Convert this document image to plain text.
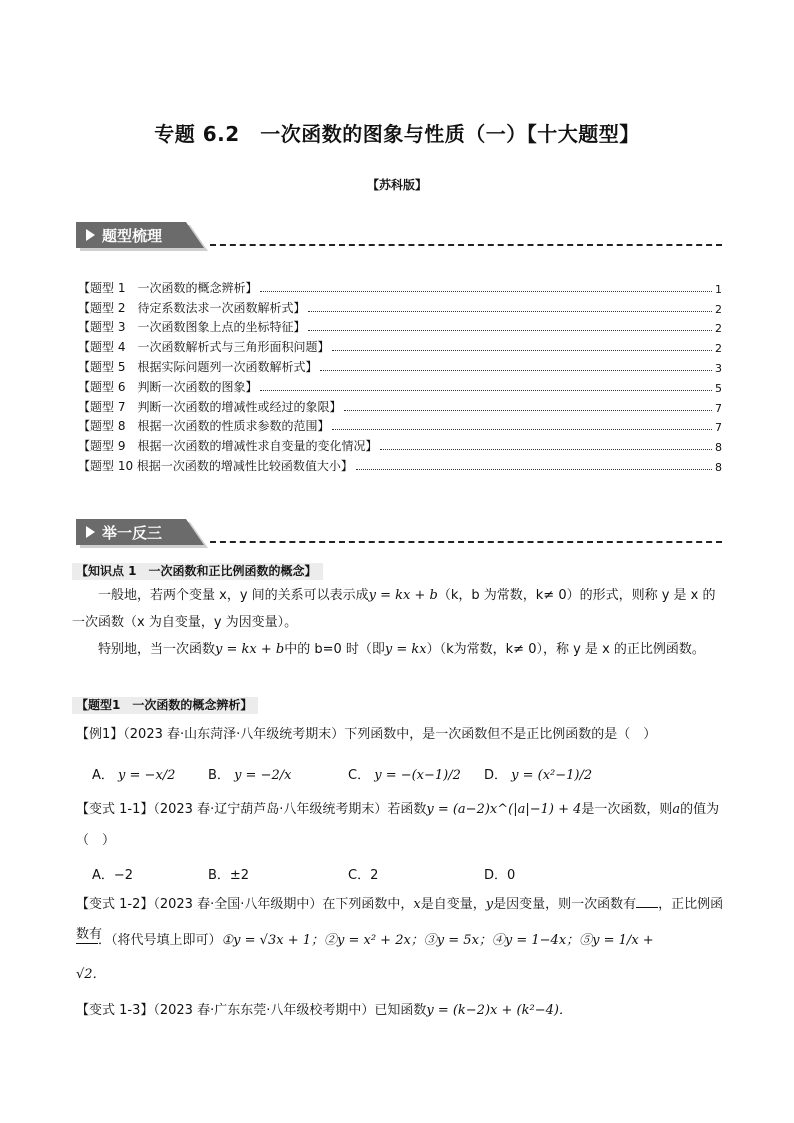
专题 6.2　一次函数的图象与性质（一）【十大题型】
【苏科版】
题型梳理
【题型 1　一次函数的概念辨析】	1
【题型 2　待定系数法求一次函数解析式】	2
【题型 3　一次函数图象上点的坐标特征】	2
【题型 4　一次函数解析式与三角形面积问题】	2
【题型 5　根据实际问题列一次函数解析式】	3
【题型 6　判断一次函数的图象】	5
【题型 7　判断一次函数的增减性或经过的象限】	7
【题型 8　根据一次函数的性质求参数的范围】	7
【题型 9　根据一次函数的增减性求自变量的变化情况】	8
【题型 10 根据一次函数的增减性比较函数值大小】	8
举一反三
【知识点 1　一次函数和正比例函数的概念】
一般地，若两个变量 x，y 间的关系可以表示成y = kx + b（k，b 为常数，k≠ 0）的形式，则称 y 是 x 的一次函数（x 为自变量，y 为因变量）。
特别地，当一次函数y = kx + b中的 b=0 时（即y = kx）（k为常数，k≠ 0），称 y 是 x 的正比例函数。
【题型1　一次函数的概念辨析】
【例1】（2023 春·山东菏泽·八年级统考期末）下列函数中，是一次函数但不是正比例函数的是（　）
A． y = −x/2	B． y = −2/x	C． y = −(x−1)/2 D． y = (x²−1)/2
【变式 1-1】（2023 春·辽宁葫芦岛·八年级统考期末）若函数y = (a−2)x^(|a|−1) + 4是一次函数，则a的值为
（　）
A．−2	B．±2	C．2	D．0
【变式 1-2】（2023 春·全国·八年级期中）在下列函数中，x是自变量，y是因变量，则一次函数有 ，正比例函数有
．（将代号填上即可）①y = √3x + 1；②y = x² + 2x；③y = 5x；④y = 1−4x；⑤y = 1/x +
√2．
【变式 1-3】（2023 春·广东东莞·八年级校考期中）已知函数y = (k−2)x + (k²−4)．
